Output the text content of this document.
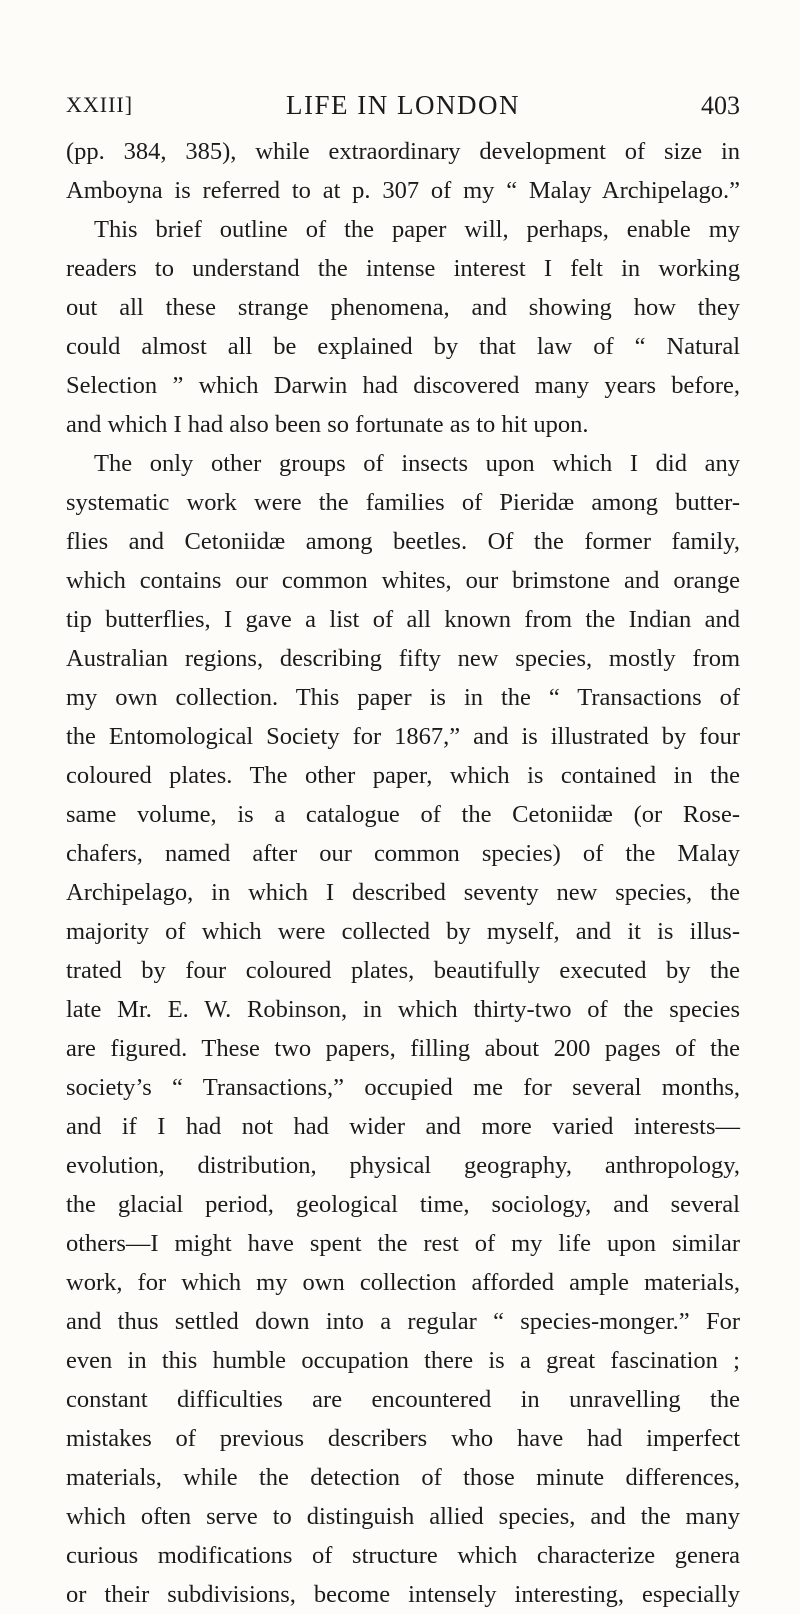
XXIII]	LIFE IN LONDON	403
(pp. 384, 385), while extraordinary development of size in
Amboyna is referred to at p. 307 of my “ Malay Archipelago.”
This brief outline of the paper will, perhaps, enable my
readers to understand the intense interest I felt in working
out all these strange phenomena, and showing how they
could almost all be explained by that law of “ Natural
Selection ” which Darwin had discovered many years before,
and which I had also been so fortunate as to hit upon.
The only other groups of insects upon which I did any
systematic work were the families of Pieridæ among butter-
flies and Cetoniidæ among beetles. Of the former family,
which contains our common whites, our brimstone and orange
tip butterflies, I gave a list of all known from the Indian and
Australian regions, describing fifty new species, mostly from
my own collection. This paper is in the “ Transactions of
the Entomological Society for 1867,” and is illustrated by four
coloured plates. The other paper, which is contained in the
same volume, is a catalogue of the Cetoniidæ (or Rose-
chafers, named after our common species) of the Malay
Archipelago, in which I described seventy new species, the
majority of which were collected by myself, and it is illus-
trated by four coloured plates, beautifully executed by the
late Mr. E. W. Robinson, in which thirty-two of the species
are figured. These two papers, filling about 200 pages of the
society’s “ Transactions,” occupied me for several months,
and if I had not had wider and more varied interests—
evolution, distribution, physical geography, anthropology,
the glacial period, geological time, sociology, and several
others—I might have spent the rest of my life upon similar
work, for which my own collection afforded ample materials,
and thus settled down into a regular “ species-monger.” For
even in this humble occupation there is a great fascination ;
constant difficulties are encountered in unravelling the
mistakes of previous describers who have had imperfect
materials, while the detection of those minute differences,
which often serve to distinguish allied species, and the many
curious modifications of structure which characterize genera
or their subdivisions, become intensely interesting, especially
